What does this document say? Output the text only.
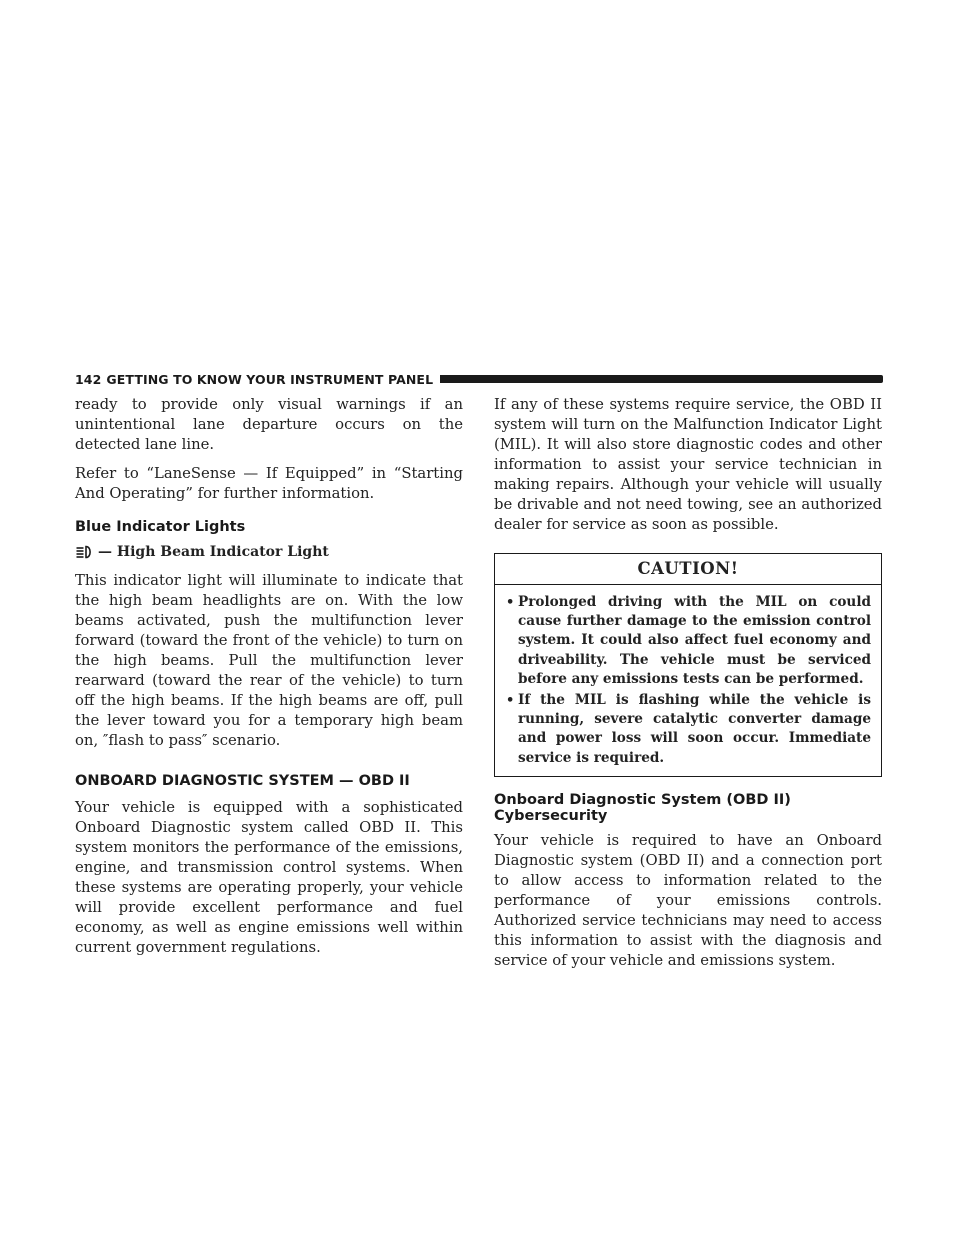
142 GETTING TO KNOW YOUR INSTRUMENT PANEL

ready to provide only visual warnings if an unintentional lane departure occurs on the detected lane line.

Refer to “LaneSense — If Equipped” in “Starting And Operating” for further information.

Blue Indicator Lights
— High Beam Indicator Light

This indicator light will illuminate to indicate that the high beam headlights are on. With the low beams activated, push the multifunction lever forward (toward the front of the vehicle) to turn on the high beams. Pull the multifunction lever rearward (toward the rear of the vehicle) to turn off the high beams. If the high beams are off, pull the lever toward you for a temporary high beam on, ″flash to pass″ scenario.

ONBOARD DIAGNOSTIC SYSTEM — OBD II

Your vehicle is equipped with a sophisticated Onboard Diagnostic system called OBD II. This system monitors the performance of the emissions, engine, and transmission control systems. When these systems are operating properly, your vehicle will provide excellent performance and fuel economy, as well as engine emissions well within current government regulations.

If any of these systems require service, the OBD II system will turn on the Malfunction Indicator Light (MIL). It will also store diagnostic codes and other information to assist your service technician in making repairs. Although your vehicle will usually be drivable and not need towing, see an authorized dealer for service as soon as possible.

CAUTION!
• Prolonged driving with the MIL on could cause further damage to the emission control system. It could also affect fuel economy and driveability. The vehicle must be serviced before any emissions tests can be performed.
• If the MIL is flashing while the vehicle is running, severe catalytic converter damage and power loss will soon occur. Immediate service is required.
Onboard Diagnostic System (OBD II) Cybersecurity

Your vehicle is required to have an Onboard Diagnostic system (OBD II) and a connection port to allow access to information related to the performance of your emissions controls. Authorized service technicians may need to access this information to assist with the diagnosis and service of your vehicle and emissions system.
